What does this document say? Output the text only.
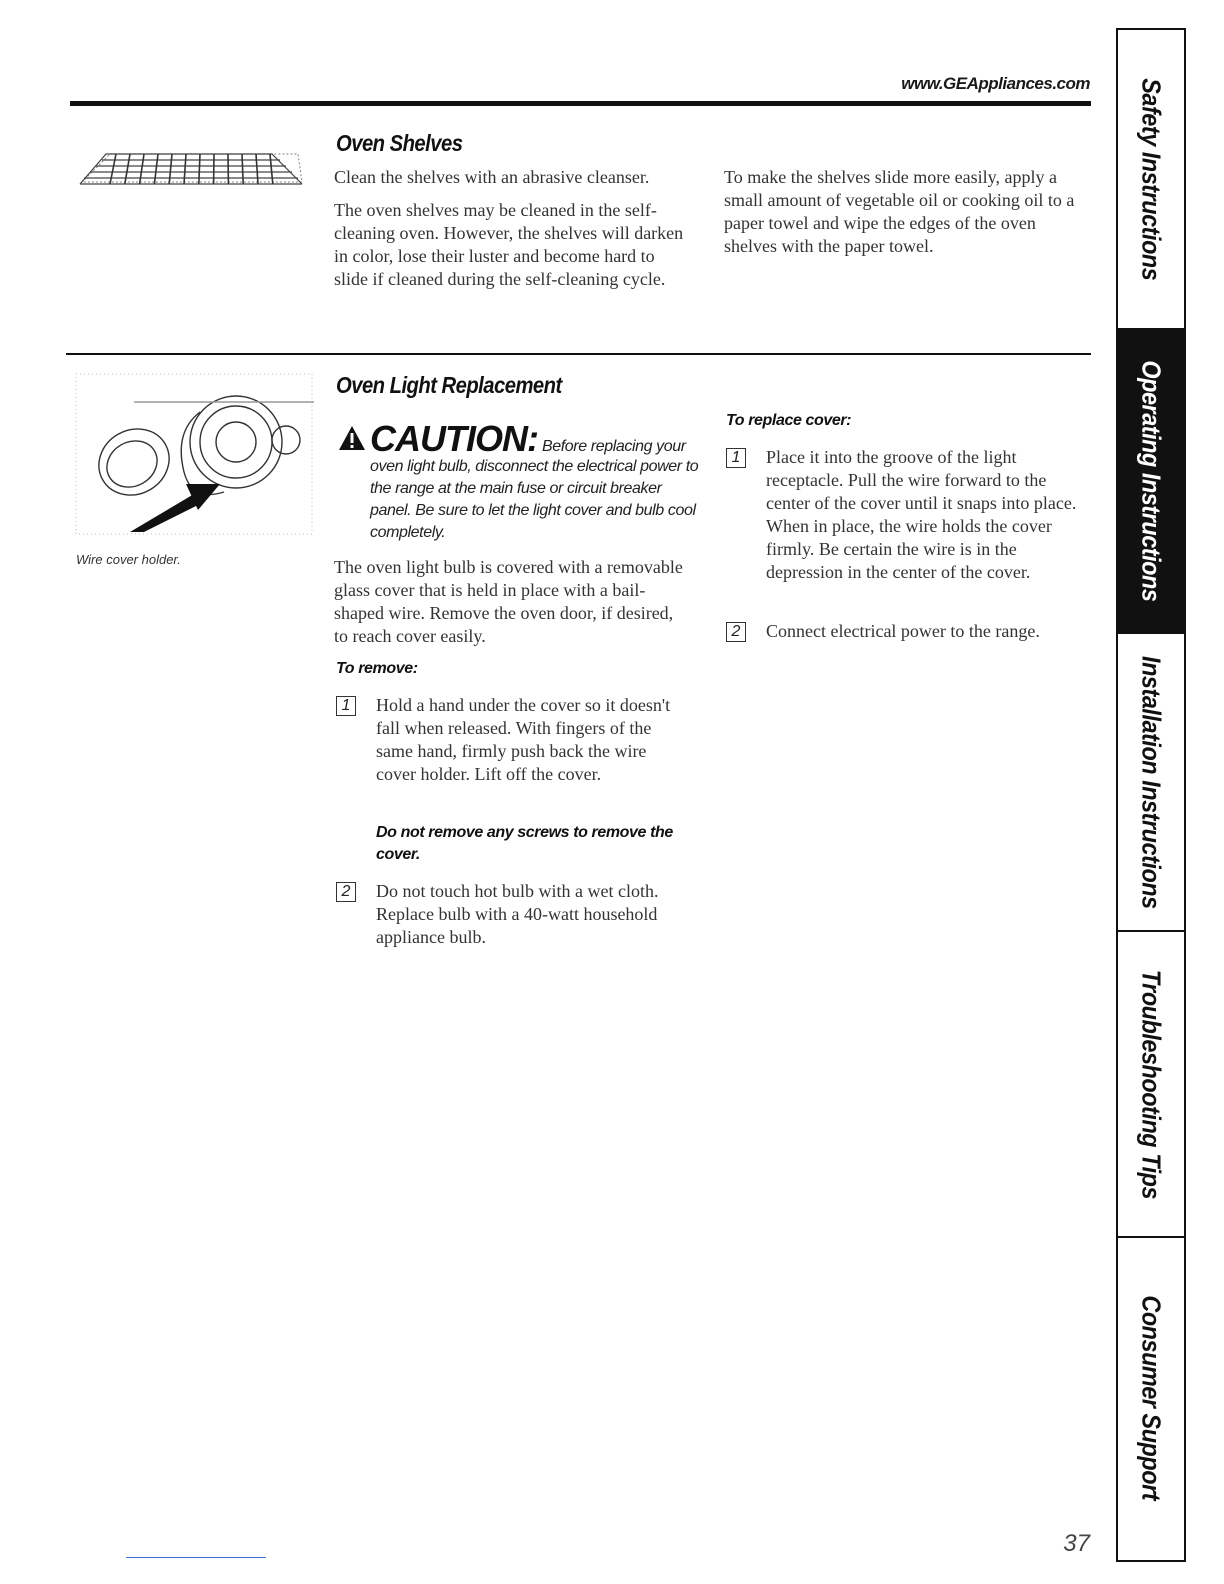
www.GEAppliances.com
Oven Shelves

Clean the shelves with an abrasive cleanser.

The oven shelves may be cleaned in the self-cleaning oven. However, the shelves will darken in color, lose their luster and become hard to slide if cleaned during the self-cleaning cycle.

To make the shelves slide more easily, apply a small amount of vegetable oil or cooking oil to a paper towel and wipe the edges of the oven shelves with the paper towel.

Wire cover holder.
Oven Light Replacement
CAUTION: Before replacing your
oven light bulb, disconnect the electrical power to the range at the main fuse or circuit breaker panel. Be sure to let the light cover and bulb cool completely.

The oven light bulb is covered with a removable glass cover that is held in place with a bail-shaped wire. Remove the oven door, if desired, to reach cover easily.

To remove:
1	Hold a hand under the cover so it doesn't fall when released. With fingers of the same hand, firmly push back the wire cover holder. Lift off the cover.
Do not remove any screws to remove the cover.
2	Do not touch hot bulb with a wet cloth. Replace bulb with a 40-watt household appliance bulb.
To replace cover:
1	Place it into the groove of the light receptacle. Pull the wire forward to the center of the cover until it snaps into place. When in place, the wire holds the cover firmly. Be certain the wire is in the depression in the center of the cover.
2	Connect electrical power to the range.
Safety Instructions
Operating Instructions
Installation Instructions
Troubleshooting Tips
Consumer Support
37
